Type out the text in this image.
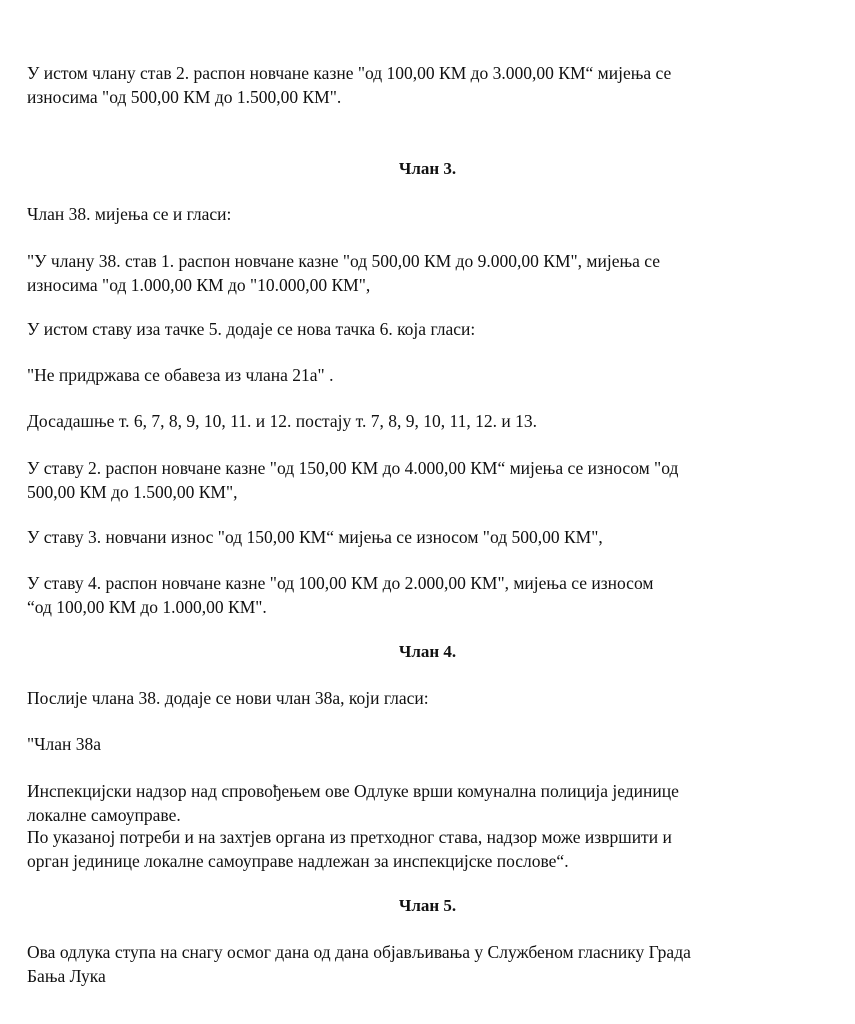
У истом члану став 2. распон новчане казне "од 100,00 КМ до 3.000,00 КМ“ мијења се
износима "од 500,00 КМ до 1.500,00 КМ".

Члан 3.

Члан 38. мијења се и гласи:

"У члану 38. став 1. распон новчане казне "од 500,00 КМ до 9.000,00 КМ", мијења се
износима "од 1.000,00 КМ до "10.000,00 КМ",

У истом ставу иза тачке 5. додаје се нова тачка 6. која гласи:

"Не придржава се обавеза из члана 21а" .

Досадашње т. 6, 7, 8, 9, 10, 11. и 12. постају т. 7, 8, 9, 10, 11, 12. и 13.

У ставу 2. распон новчане казне "од 150,00 КМ до 4.000,00 КМ“ мијења се износом "од
500,00 КМ до 1.500,00 КМ",

У ставу 3. новчани износ "од 150,00 КМ“ мијења се износом "од 500,00 КМ",

У ставу 4. распон новчане казне "од 100,00 КМ до 2.000,00 КМ", мијења се износом
“од 100,00 КМ до 1.000,00 КМ".

Члан 4.

Послије члана 38. додаје се нови члан 38а, који гласи:

"Члан 38а

Инспекцијски надзор над спровођењем ове Одлуке врши комунална полиција јединице
локалне самоуправе.

По указаној потреби и на захтјев органа из претходног става, надзор може извршити и
орган јединице локалне самоуправе надлежан за инспекцијске послове“.

Члан 5.

Ова одлука ступа на снагу осмог дана од дана објављивања у Службеном гласнику Града
Бања Лука
